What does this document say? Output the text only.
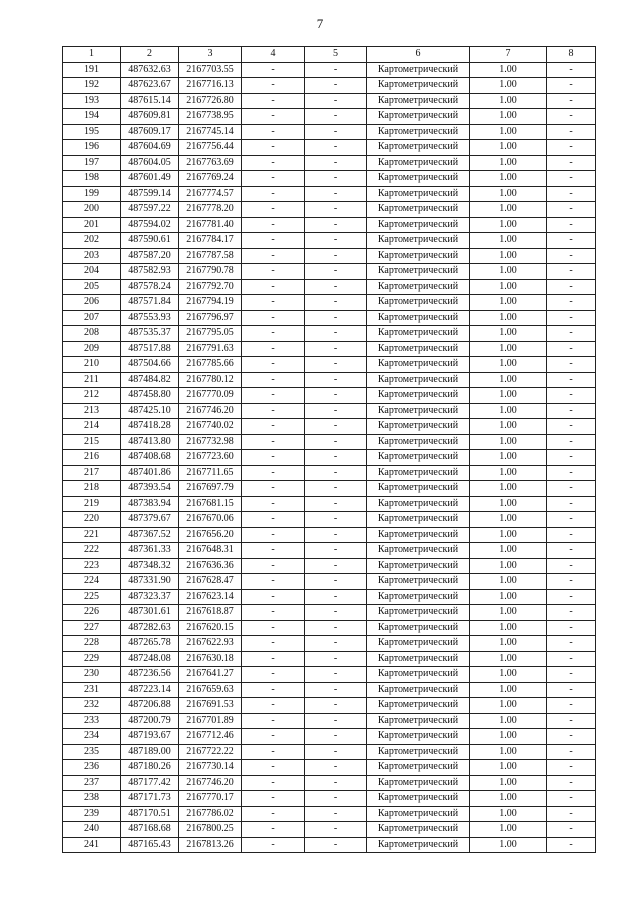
7
1	2	3	4	5	6	7	8
191	487632.63	2167703.55	-	-	Картометрический	1.00	-
192	487623.67	2167716.13	-	-	Картометрический	1.00	-
193	487615.14	2167726.80	-	-	Картометрический	1.00	-
194	487609.81	2167738.95	-	-	Картометрический	1.00	-
195	487609.17	2167745.14	-	-	Картометрический	1.00	-
196	487604.69	2167756.44	-	-	Картометрический	1.00	-
197	487604.05	2167763.69	-	-	Картометрический	1.00	-
198	487601.49	2167769.24	-	-	Картометрический	1.00	-
199	487599.14	2167774.57	-	-	Картометрический	1.00	-
200	487597.22	2167778.20	-	-	Картометрический	1.00	-
201	487594.02	2167781.40	-	-	Картометрический	1.00	-
202	487590.61	2167784.17	-	-	Картометрический	1.00	-
203	487587.20	2167787.58	-	-	Картометрический	1.00	-
204	487582.93	2167790.78	-	-	Картометрический	1.00	-
205	487578.24	2167792.70	-	-	Картометрический	1.00	-
206	487571.84	2167794.19	-	-	Картометрический	1.00	-
207	487553.93	2167796.97	-	-	Картометрический	1.00	-
208	487535.37	2167795.05	-	-	Картометрический	1.00	-
209	487517.88	2167791.63	-	-	Картометрический	1.00	-
210	487504.66	2167785.66	-	-	Картометрический	1.00	-
211	487484.82	2167780.12	-	-	Картометрический	1.00	-
212	487458.80	2167770.09	-	-	Картометрический	1.00	-
213	487425.10	2167746.20	-	-	Картометрический	1.00	-
214	487418.28	2167740.02	-	-	Картометрический	1.00	-
215	487413.80	2167732.98	-	-	Картометрический	1.00	-
216	487408.68	2167723.60	-	-	Картометрический	1.00	-
217	487401.86	2167711.65	-	-	Картометрический	1.00	-
218	487393.54	2167697.79	-	-	Картометрический	1.00	-
219	487383.94	2167681.15	-	-	Картометрический	1.00	-
220	487379.67	2167670.06	-	-	Картометрический	1.00	-
221	487367.52	2167656.20	-	-	Картометрический	1.00	-
222	487361.33	2167648.31	-	-	Картометрический	1.00	-
223	487348.32	2167636.36	-	-	Картометрический	1.00	-
224	487331.90	2167628.47	-	-	Картометрический	1.00	-
225	487323.37	2167623.14	-	-	Картометрический	1.00	-
226	487301.61	2167618.87	-	-	Картометрический	1.00	-
227	487282.63	2167620.15	-	-	Картометрический	1.00	-
228	487265.78	2167622.93	-	-	Картометрический	1.00	-
229	487248.08	2167630.18	-	-	Картометрический	1.00	-
230	487236.56	2167641.27	-	-	Картометрический	1.00	-
231	487223.14	2167659.63	-	-	Картометрический	1.00	-
232	487206.88	2167691.53	-	-	Картометрический	1.00	-
233	487200.79	2167701.89	-	-	Картометрический	1.00	-
234	487193.67	2167712.46	-	-	Картометрический	1.00	-
235	487189.00	2167722.22	-	-	Картометрический	1.00	-
236	487180.26	2167730.14	-	-	Картометрический	1.00	-
237	487177.42	2167746.20	-	-	Картометрический	1.00	-
238	487171.73	2167770.17	-	-	Картометрический	1.00	-
239	487170.51	2167786.02	-	-	Картометрический	1.00	-
240	487168.68	2167800.25	-	-	Картометрический	1.00	-
241	487165.43	2167813.26	-	-	Картометрический	1.00	-
